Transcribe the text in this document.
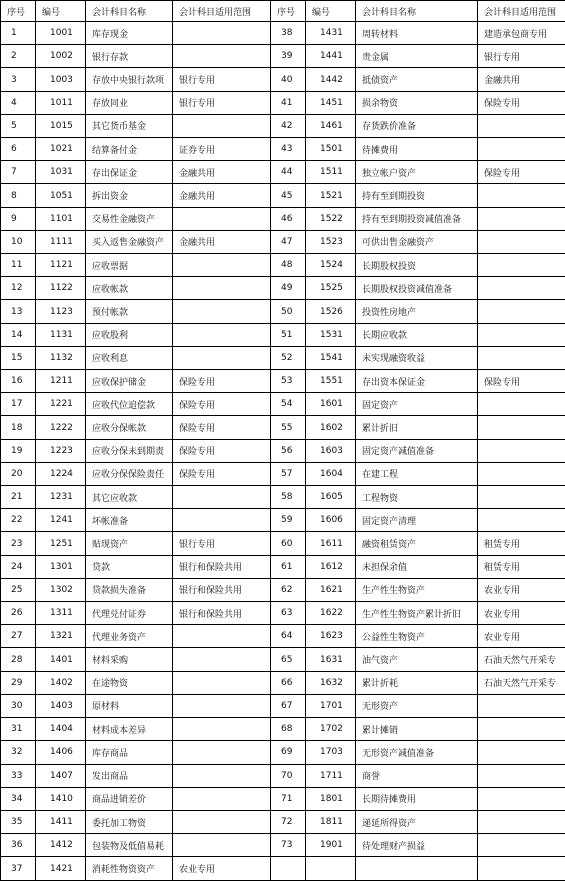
序号	编号	会计科目名称	会计科目适用范围	序号	编号	会计科目名称	会计科目适用范围
1	1001	库存现金		38	1431	周转材料	建造承包商专用
2	1002	银行存款		39	1441	贵金属	银行专用
3	1003	存放中央银行款项	银行专用	40	1442	抵债资产	金融共用
4	1011	存放同业	银行专用	41	1451	损余物资	保险专用
5	1015	其它货币基金		42	1461	存货跌价准备	
6	1021	结算备付金	证券专用	43	1501	待摊费用	
7	1031	存出保证金	金融共用	44	1511	独立帐户资产	保险专用
8	1051	拆出资金	金融共用	45	1521	持有至到期投资	
9	1101	交易性金融资产		46	1522	持有至到期投资减值准备	
10	1111	买入返售金融资产	金融共用	47	1523	可供出售金融资产	
11	1121	应收票据		48	1524	长期股权投资	
12	1122	应收帐款		49	1525	长期股权投资减值准备	
13	1123	预付帐款		50	1526	投资性房地产	
14	1131	应收股利		51	1531	长期应收款	
15	1132	应收利息		52	1541	未实现融资收益	
16	1211	应收保护储金	保险专用	53	1551	存出资本保证金	保险专用
17	1221	应收代位追偿款	保险专用	54	1601	固定资产	
18	1222	应收分保帐款	保险专用	55	1602	累计折旧	
19	1223	应收分保未到期责	保险专用	56	1603	固定资产减值准备	
20	1224	应收分保保险责任	保险专用	57	1604	在建工程	
21	1231	其它应收款		58	1605	工程物资	
22	1241	坏帐准备		59	1606	固定资产清理	
23	1251	贴现资产	银行专用	60	1611	融资租赁资产	租赁专用
24	1301	贷款	银行和保险共用	61	1612	未担保余值	租赁专用
25	1302	贷款损失准备	银行和保险共用	62	1621	生产性生物资产	农业专用
26	1311	代理兑付证券	银行和保险共用	63	1622	生产性生物资产累计折旧	农业专用
27	1321	代理业务资产		64	1623	公益性生物资产	农业专用
28	1401	材料采购		65	1631	油气资产	石油天然气开采专
29	1402	在途物资		66	1632	累计折耗	石油天然气开采专
30	1403	原材料		67	1701	无形资产	
31	1404	材料成本差异		68	1702	累计摊销	
32	1406	库存商品		69	1703	无形资产减值准备	
33	1407	发出商品		70	1711	商誉	
34	1410	商品进销差价		71	1801	长期待摊费用	
35	1411	委托加工物资		72	1811	递延所得资产	
36	1412	包装物及低值易耗		73	1901	待处理财产损益	
37	1421	消耗性物资资产	农业专用				
